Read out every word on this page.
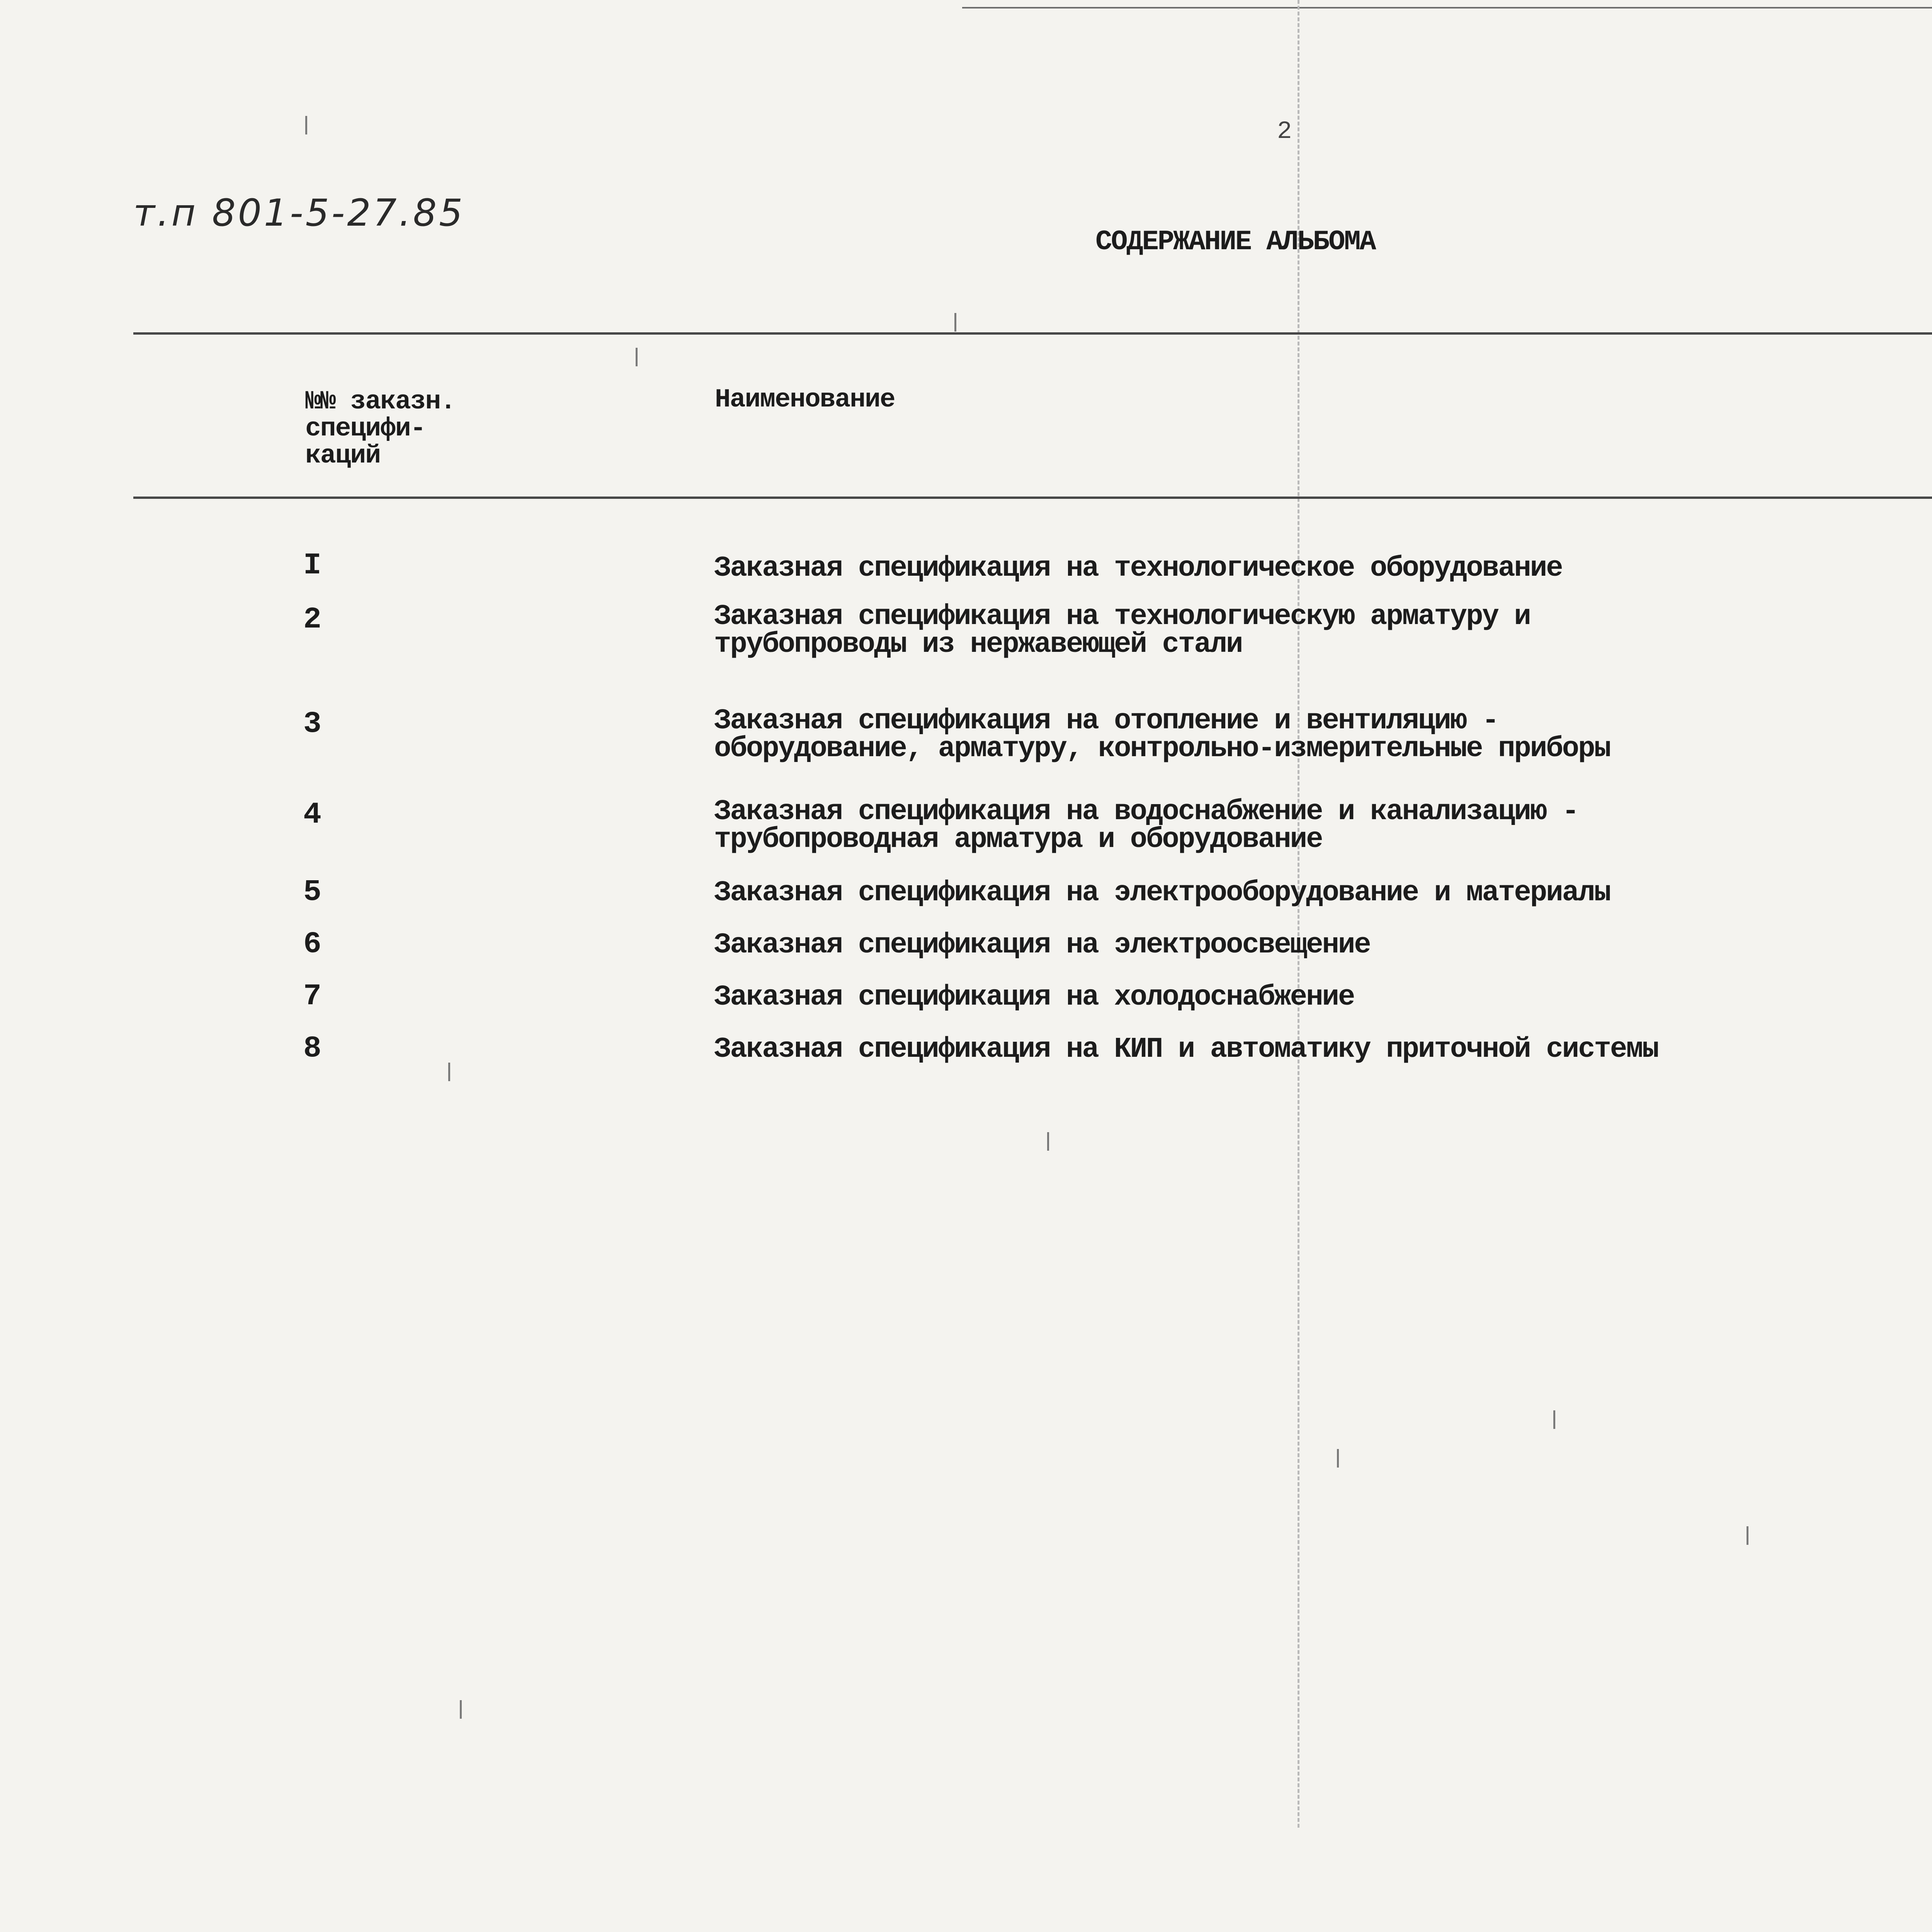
2
т.п 801-5-27.85
СОДЕРЖАНИЕ АЛЬБОМА
№№ заказн.
специфи-
каций
Наименование
I	Заказная спецификация на технологическое оборудование
2	Заказная спецификация на технологическую арматуру и
трубопроводы из нержавеющей стали
3	Заказная спецификация на отопление и вентиляцию -
оборудование, арматуру, контрольно-измерительные приборы
4	Заказная спецификация на водоснабжение и канализацию -
трубопроводная арматура и оборудование
5	Заказная спецификация на электрооборудование и материалы
6	Заказная спецификация на электроосвещение
7	Заказная спецификация на холодоснабжение
8	Заказная спецификация на КИП и автоматику приточной системы
